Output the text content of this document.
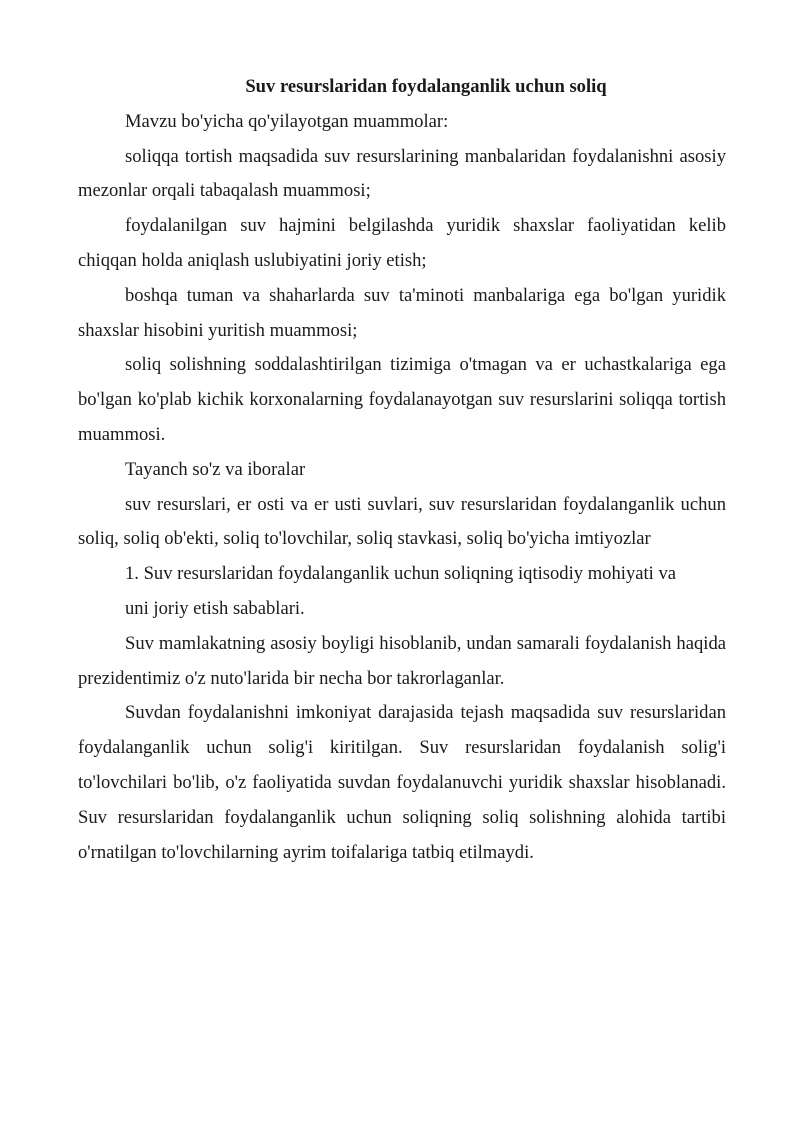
Suv resurslaridan foydalanganlik uchun soliq

Mavzu bo'yicha qo'yilayotgan muammolar:

soliqqa tortish maqsadida suv resurslarining manbalaridan foydalanishni asosiy mezonlar orqali tabaqalash muammosi;

foydalanilgan suv hajmini belgilashda yuridik shaxslar faoliyatidan kelib chiqqan holda aniqlash uslubiyatini joriy etish;

boshqa tuman va shaharlarda suv ta'minoti manbalariga ega bo'lgan yuridik shaxslar hisobini yuritish muammosi;

soliq solishning soddalashtirilgan tizimiga o'tmagan va er uchastkalariga ega bo'lgan ko'plab kichik korxonalarning foydalanayotgan suv resurslarini soliqqa tortish muammosi.

Tayanch so'z va iboralar

suv resurslari, er osti va er usti suvlari, suv resurslaridan foydalanganlik uchun soliq, soliq ob'ekti, soliq to'lovchilar, soliq stavkasi, soliq bo'yicha imtiyozlar

1. Suv resurslaridan foydalanganlik uchun soliqning iqtisodiy mohiyati va

uni joriy etish sabablari.

Suv mamlakatning asosiy boyligi hisoblanib, undan samarali foydalanish haqida prezidentimiz o'z nuto'larida bir necha bor takrorlaganlar.

Suvdan foydalanishni imkoniyat darajasida tejash maqsadida suv resurslaridan foydalanganlik uchun solig'i kiritilgan. Suv resurslaridan foydalanish solig'i to'lovchilari bo'lib, o'z faoliyatida suvdan foydalanuvchi yuridik shaxslar hisoblanadi. Suv resurslaridan foydalanganlik uchun soliqning soliq solishning alohida tartibi o'rnatilgan to'lovchilarning ayrim toifalariga tatbiq etilmaydi.
